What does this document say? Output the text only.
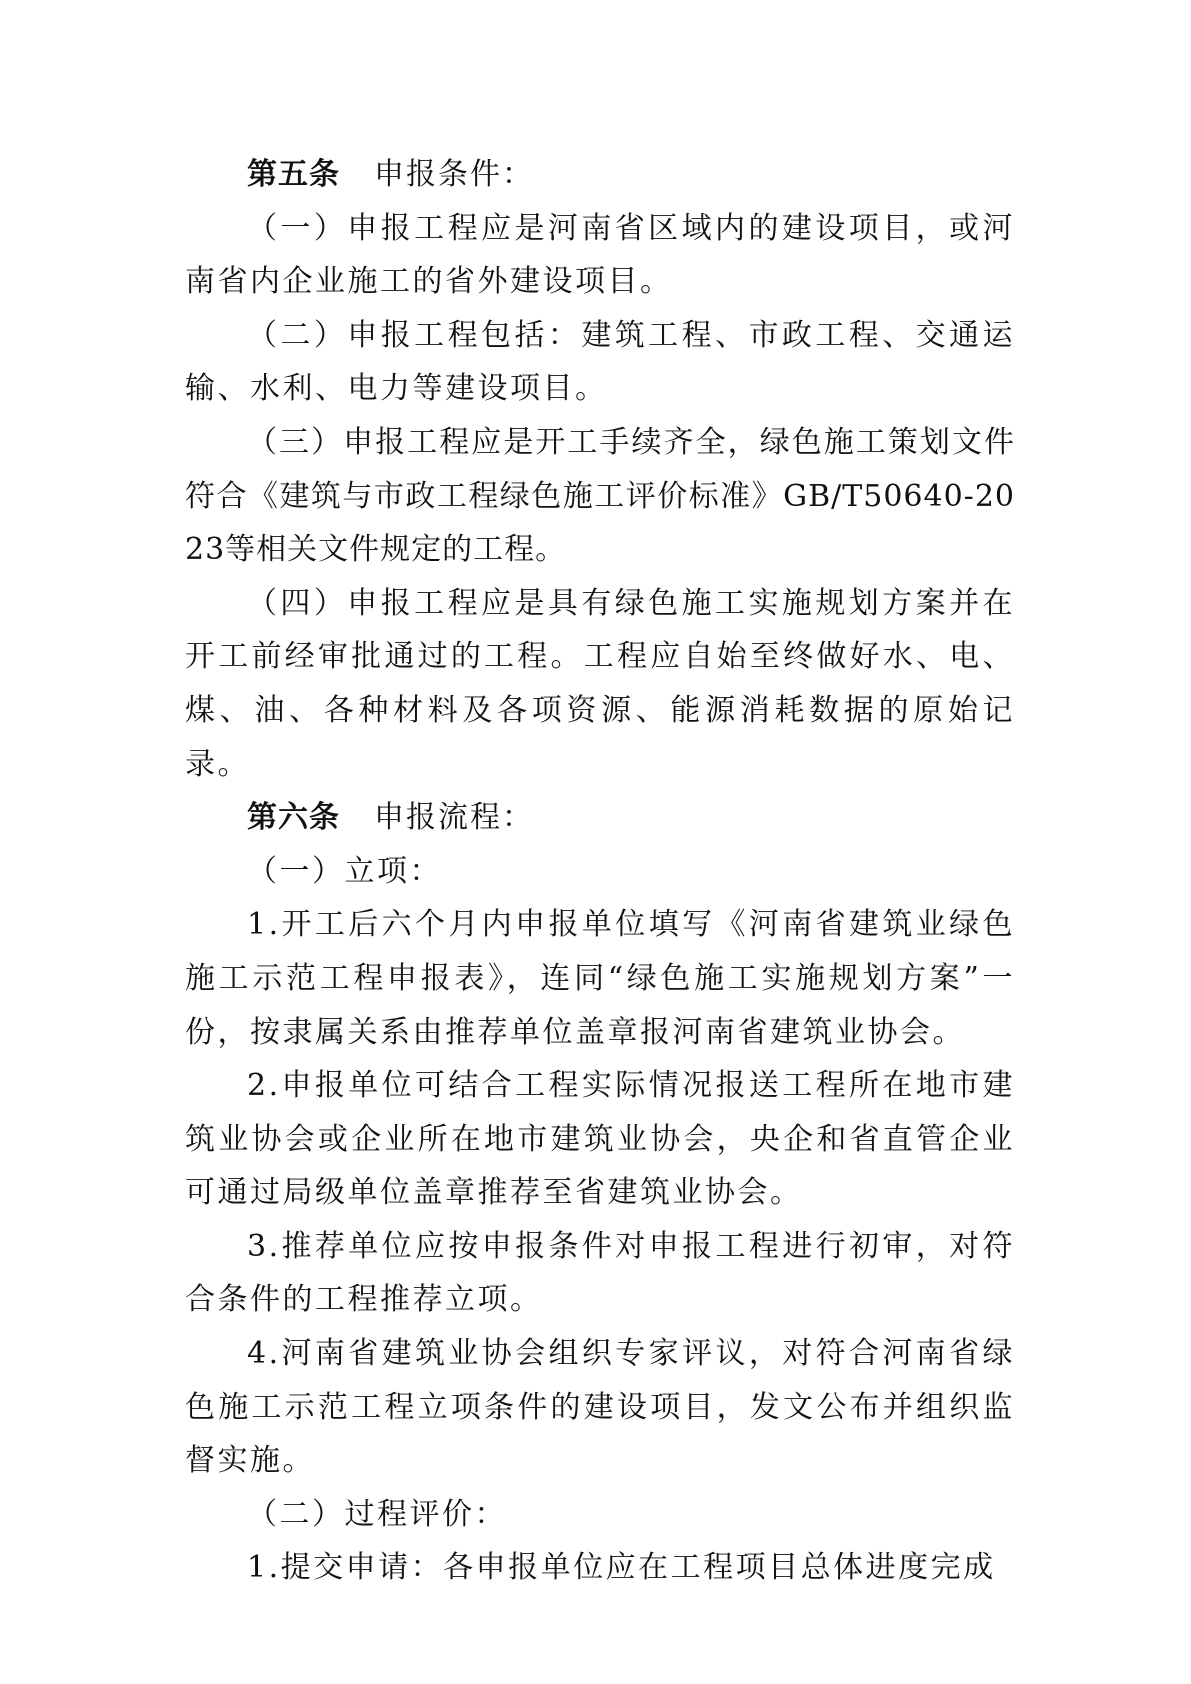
第五条 申报条件：

（一）申报工程应是河南省区域内的建设项目，或河南省内企业施工的省外建设项目。

（二）申报工程包括：建筑工程、市政工程、交通运输、水利、电力等建设项目。

（三）申报工程应是开工手续齐全，绿色施工策划文件符合《建筑与市政工程绿色施工评价标准》GB/T50640-2023等相关文件规定的工程。

（四）申报工程应是具有绿色施工实施规划方案并在开工前经审批通过的工程。工程应自始至终做好水、电、煤、油、各种材料及各项资源、能源消耗数据的原始记录。

第六条 申报流程：

（一）立项：

1.开工后六个月内申报单位填写《河南省建筑业绿色施工示范工程申报表》，连同“绿色施工实施规划方案”一份，按隶属关系由推荐单位盖章报河南省建筑业协会。

2.申报单位可结合工程实际情况报送工程所在地市建筑业协会或企业所在地市建筑业协会，央企和省直管企业可通过局级单位盖章推荐至省建筑业协会。

3.推荐单位应按申报条件对申报工程进行初审，对符合条件的工程推荐立项。

4.河南省建筑业协会组织专家评议，对符合河南省绿色施工示范工程立项条件的建设项目，发文公布并组织监督实施。

（二）过程评价：

1.提交申请：各申报单位应在工程项目总体进度完成
